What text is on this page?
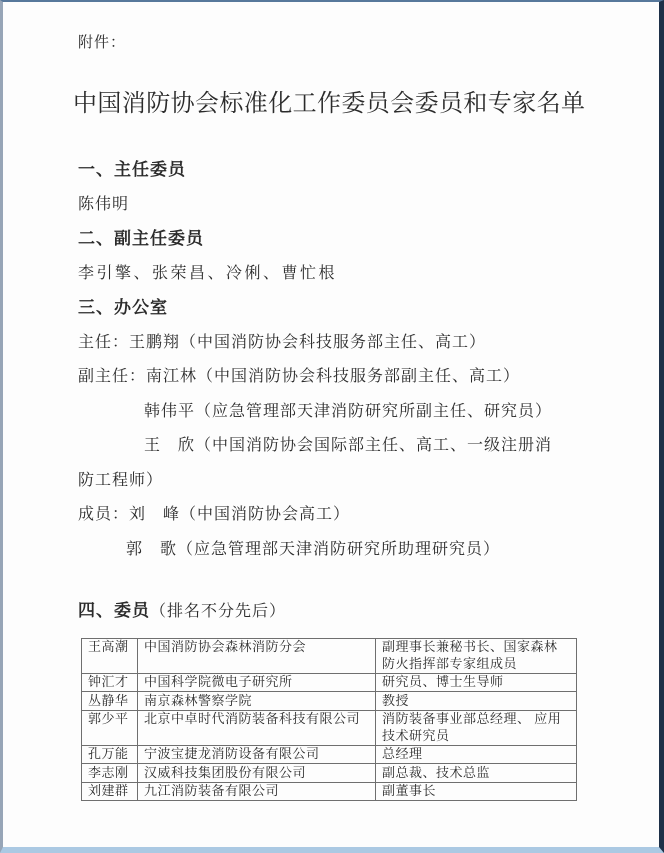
附件：

中国消防协会标准化工作委员会委员和专家名单

一、主任委员

陈伟明

二、副主任委员

李引擎、张荣昌、冷俐、曹忙根

三、办公室

主任：王鹏翔（中国消防协会科技服务部主任、高工）

副主任：南江林（中国消防协会科技服务部副主任、高工）

韩伟平（应急管理部天津消防研究所副主任、研究员）

王　欣（中国消防协会国际部主任、高工、一级注册消

防工程师）

成员：刘　峰（中国消防协会高工）

郭　歌（应急管理部天津消防研究所助理研究员）

四、委员（排名不分先后）

王高潮	中国消防协会森林消防分会	副理事长兼秘书长、国家森林防火指挥部专家组成员
钟汇才	中国科学院微电子研究所	研究员、博士生导师
丛静华	南京森林警察学院	教授
郭少平	北京中卓时代消防装备科技有限公司	消防装备事业部总经理、 应用技术研究员
孔万能	宁波宝捷龙消防设备有限公司	总经理
李志刚	汉威科技集团股份有限公司	副总裁、技术总监
刘建群	九江消防装备有限公司	副董事长
